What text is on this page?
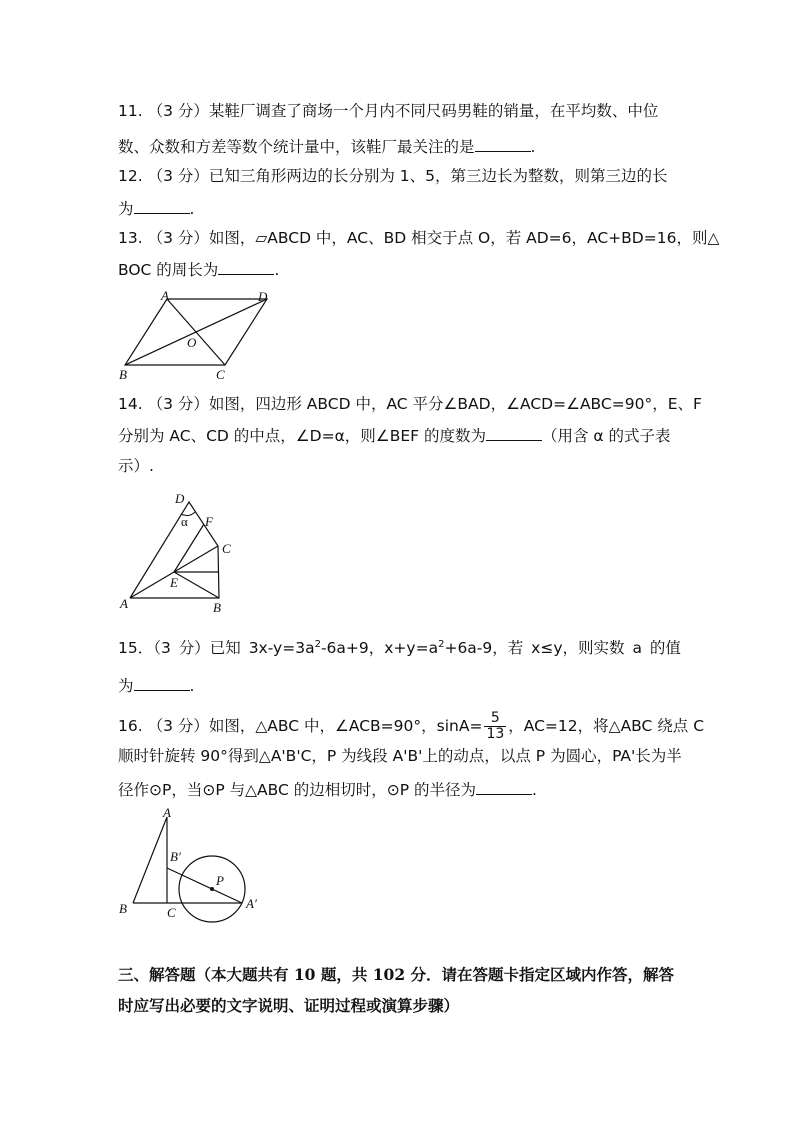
11. （3 分）某鞋厂调查了商场一个月内不同尺码男鞋的销量，在平均数、中位
数、众数和方差等数个统计量中，该鞋厂最关注的是	.
12. （3 分）已知三角形两边的长分别为 1、5，第三边长为整数，则第三边的长
为	.
13. （3 分）如图，▱ABCD 中，AC、BD 相交于点 O，若 AD=6，AC+BD=16，则△
BOC 的周长为	.
A	D
O
B	C
14. （3 分）如图，四边形 ABCD 中，AC 平分∠BAD，∠ACD=∠ABC=90°，E、F
分别为 AC、CD 的中点，∠D=α，则∠BEF 的度数为	（用含 α 的式子表
示）.
D
α F
C
E
A	B
15．（3 分）已知 $3x-y=3a^2-6a+9$，$x+y=a^2+6a-9$，若 x≤y，则实数 a 的值
为	.
16. （3 分）如图，△ABC 中，∠ACB=90°，$\sin A= \frac{5}{13}$ ，AC=12，将△ABC 绕点 C
顺时针旋转 90°得到△A'B'C，P 为线段 A'B'上的动点，以点 P 为圆心，PA'长为半
径作⊙P，当⊙P 与△ABC 的边相切时，⊙P 的半径为	.
A
B′
P
A′
B	C
三、解答题（本大题共有 10 题，共 102 分．请在答题卡指定区域内作答，解答
时应写出必要的文字说明、证明过程或演算步骤）
